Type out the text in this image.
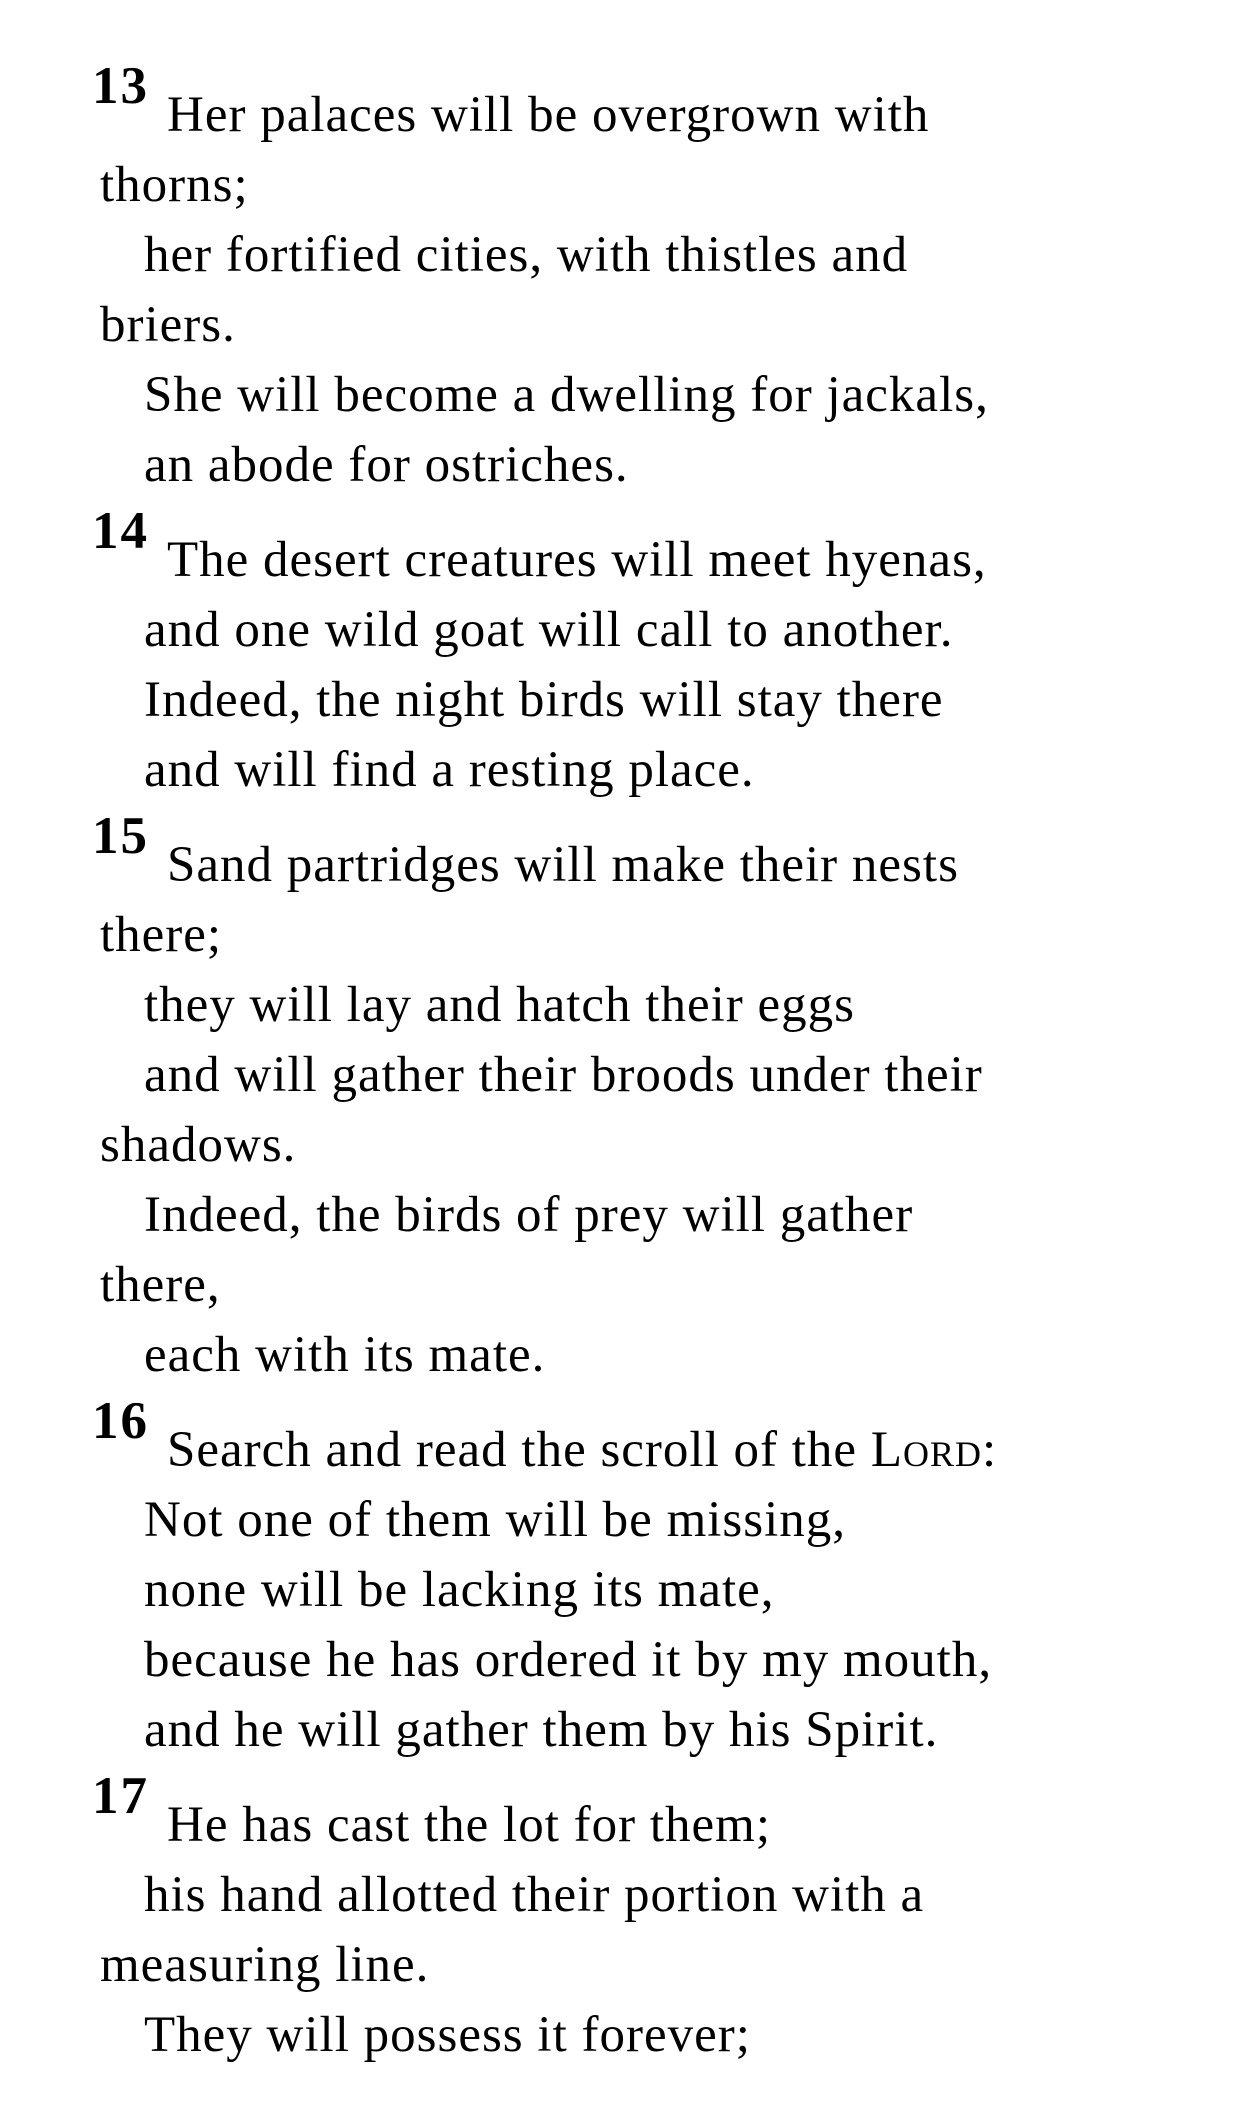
13 Her palaces will be overgrown with
thorns;
her fortified cities, with thistles and
briers.
She will become a dwelling for jackals,
an abode for ostriches.
14 The desert creatures will meet hyenas,
and one wild goat will call to another.
Indeed, the night birds will stay there
and will find a resting place.
15 Sand partridges will make their nests
there;
they will lay and hatch their eggs
and will gather their broods under their
shadows.
Indeed, the birds of prey will gather
there,
each with its mate.
16 Search and read the scroll of the Lord:
Not one of them will be missing,
none will be lacking its mate,
because he has ordered it by my mouth,
and he will gather them by his Spirit.
17 He has cast the lot for them;
his hand allotted their portion with a
measuring line.
They will possess it forever;
